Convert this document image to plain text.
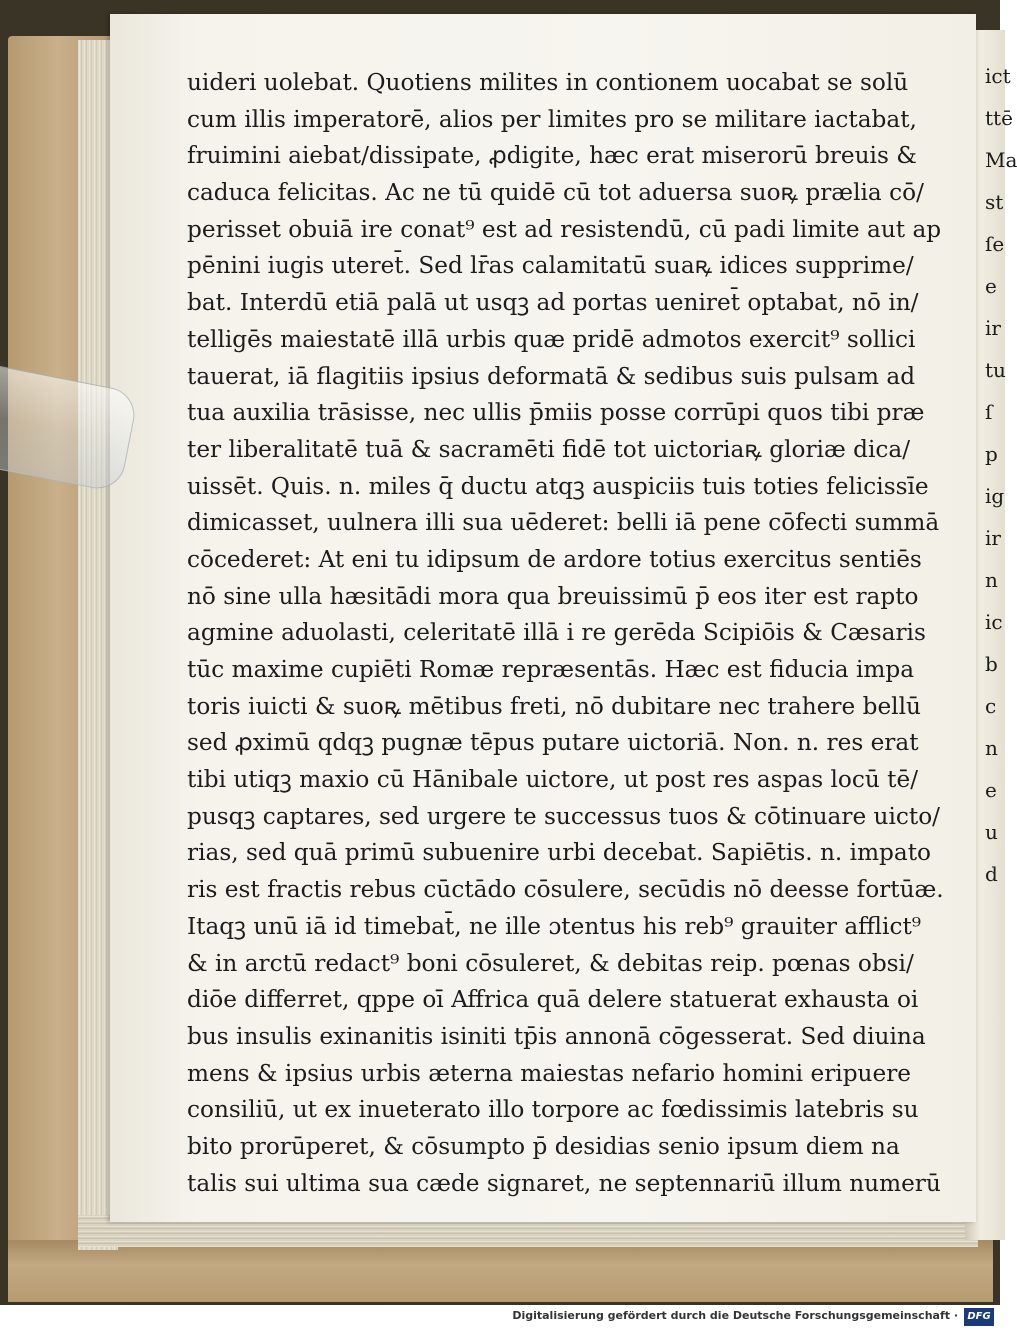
ict
ttē
Ma
st
ſe
e
ir
tu
ſ
p
ig
ir
n
ic
b
c
n
e
u
d
uideri uolebat. Quotiens milites in contionem uocabat se solū
cum illis imperatorē, alios per limites pro se militare iactabat,
fruimini aiebat/dissipate, ꝓdigite, hæc erat miserorū breuis &
caduca felicitas. Ac ne tū quidē cū tot aduersa suoꝶ prælia cō/
perisset obuiā ire conat⁹ est ad resistendū, cū padi limite aut ap
pēnini iugis uteret̄. Sed lr̄as calamitatū suaꝶ idices supprime/
bat. Interdū etiā palā ut usqꝫ ad portas ueniret̄ optabat, nō in/
telligēs maiestatē illā urbis quæ pridē admotos exercit⁹ sollici
tauerat, iā flagitiis ipsius deformatā & sedibus suis pulsam ad
tua auxilia trāsisse, nec ullis p̄miis posse corrūpi quos tibi præ
ter liberalitatē tuā & sacramēti fidē tot uictoriaꝶ gloriæ dica/
uissēt. Quis. n. miles q̄ ductu atqꝫ auspiciis tuis toties felicissīe
dimicasset, uulnera illi sua uēderet: belli iā pene cōfecti summā
cōcederet: At eni tu idipsum de ardore totius exercitus sentiēs
nō sine ulla hæsitādi mora qua breuissimū p̄ eos iter est rapto
agmine aduolasti, celeritatē illā i re gerēda Scipiōis & Cæsaris
tūc maxime cupiēti Romæ repræsentās. Hæc est fiducia impa
toris iuicti & suoꝶ mētibus freti, nō dubitare nec trahere bellū
sed ꝓximū qdqꝫ pugnæ tēpus putare uictoriā. Non. n. res erat
tibi utiqꝫ maxio cū Hānibale uictore, ut post res aspas locū tē/
pusqꝫ captares, sed urgere te successus tuos & cōtinuare uicto/
rias, sed quā primū subuenire urbi decebat. Sapiētis. n. impato
ris est fractis rebus cūctādo cōsulere, secūdis nō deesse fortūæ.
Itaqꝫ unū iā id timebat̄, ne ille ɔtentus his reb⁹ grauiter afflict⁹
& in arctū redact⁹ boni cōsuleret, & debitas reip. pœnas obsi/
diōe differret, qppe oī Affrica quā delere statuerat exhausta oi
bus insulis exinanitis isiniti tp̄is annonā cōgesserat. Sed diuina
mens & ipsius urbis æterna maiestas nefario homini eripuere
consiliū, ut ex inueterato illo torpore ac fœdissimis latebris su
bito prorūperet, & cōsumpto p̄ desidias senio ipsum diem na
talis sui ultima sua cæde signaret, ne septennariū illum numerū
Digitalisierung gefördert durch die Deutsche Forschungsgemeinschaft · DFG
